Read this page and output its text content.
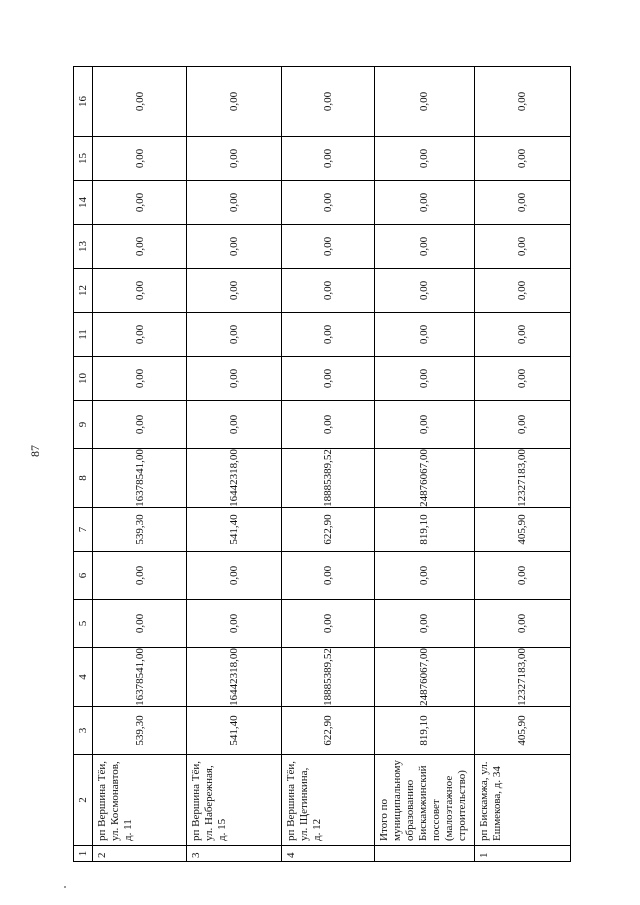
87
1	2	3	4	5	6	7	8	9	10	11	12	13	14	15	16
2	рп Вершина Тёи, ул. Космонавтов, д. 11	539,30	16378541,00	0,00	0,00	539,30	16378541,00	0,00	0,00	0,00	0,00	0,00	0,00	0,00	0,00
3	рп Вершина Тёи, ул. Набережная, д. 15	541,40	16442318,00	0,00	0,00	541,40	16442318,00	0,00	0,00	0,00	0,00	0,00	0,00	0,00	0,00
4	рп Вершина Тёи, ул. Щетинкина, д. 12	622,90	18885389,52	0,00	0,00	622,90	18885389,52	0,00	0,00	0,00	0,00	0,00	0,00	0,00	0,00
	Итого по муниципальному образованию Бискамжинский поссовет (малоэтажное строительство)	819,10	24876067,00	0,00	0,00	819,10	24876067,00	0,00	0,00	0,00	0,00	0,00	0,00	0,00	0,00
1	рп Бискамжа, ул. Ешмекова, д. 34	405,90	12327183,00	0,00	0,00	405,90	12327183,00	0,00	0,00	0,00	0,00	0,00	0,00	0,00	0,00
